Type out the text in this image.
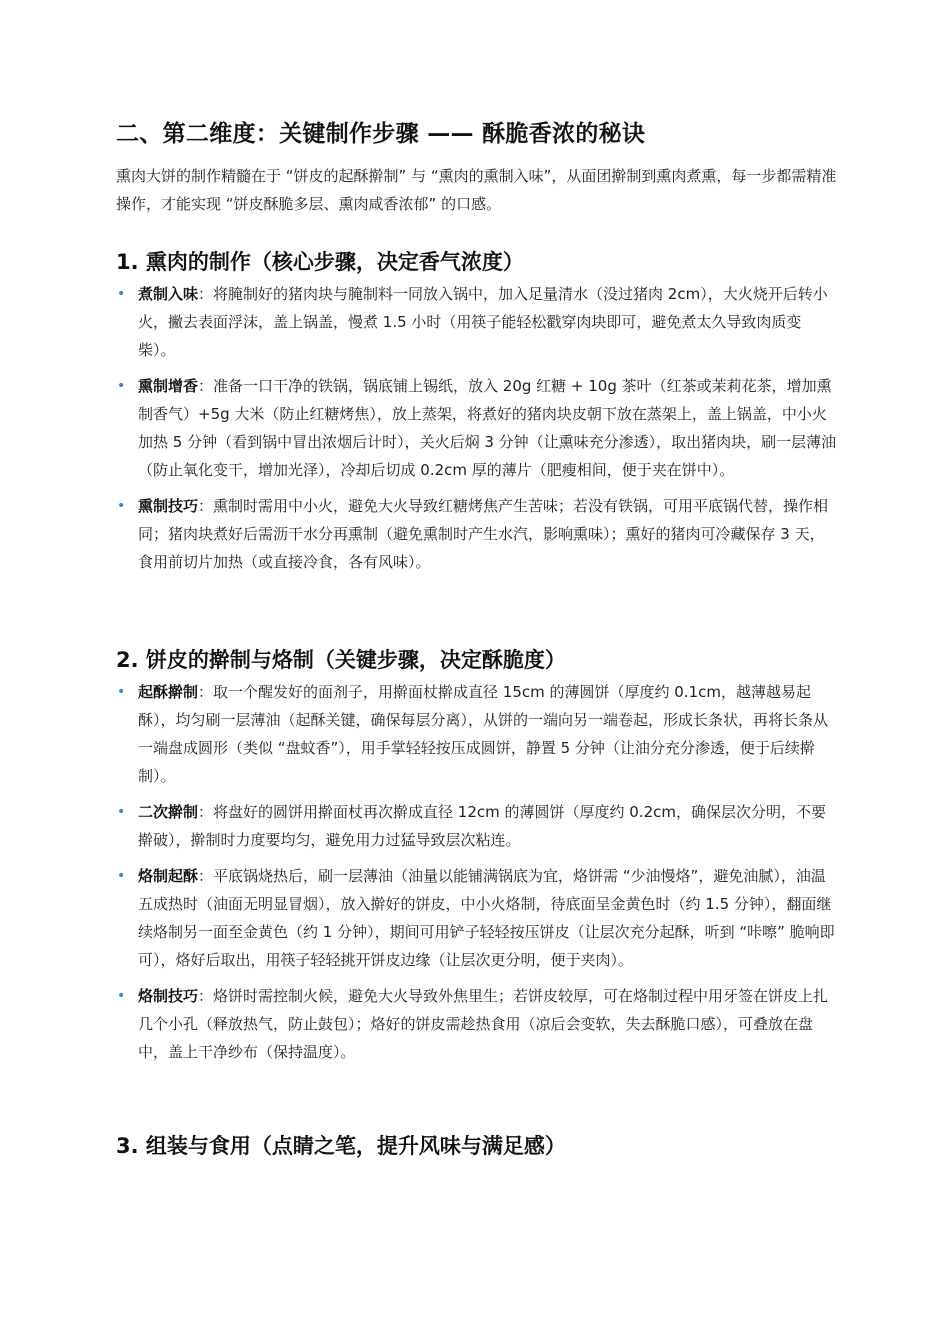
二、第二维度：关键制作步骤 —— 酥脆香浓的秘诀

熏肉大饼的制作精髓在于 “饼皮的起酥擀制” 与 “熏肉的熏制入味”，从面团擀制到熏肉煮熏，每一步都需精准操作，才能实现 “饼皮酥脆多层、熏肉咸香浓郁” 的口感。

1. 熏肉的制作（核心步骤，决定香气浓度）
• 煮制入味：将腌制好的猪肉块与腌制料一同放入锅中，加入足量清水（没过猪肉 2cm），大火烧开后转小火，撇去表面浮沫，盖上锅盖，慢煮 1.5 小时（用筷子能轻松戳穿肉块即可，避免煮太久导致肉质变柴）。
• 熏制增香：准备一口干净的铁锅，锅底铺上锡纸，放入 20g 红糖 + 10g 茶叶（红茶或茉莉花茶，增加熏制香气）+5g 大米（防止红糖烤焦），放上蒸架，将煮好的猪肉块皮朝下放在蒸架上，盖上锅盖，中小火加热 5 分钟（看到锅中冒出浓烟后计时），关火后焖 3 分钟（让熏味充分渗透），取出猪肉块，刷一层薄油（防止氧化变干，增加光泽），冷却后切成 0.2cm 厚的薄片（肥瘦相间，便于夹在饼中）。
• 熏制技巧：熏制时需用中小火，避免大火导致红糖烤焦产生苦味；若没有铁锅，可用平底锅代替，操作相同；猪肉块煮好后需沥干水分再熏制（避免熏制时产生水汽，影响熏味）；熏好的猪肉可冷藏保存 3 天，食用前切片加热（或直接冷食，各有风味）。
2. 饼皮的擀制与烙制（关键步骤，决定酥脆度）
• 起酥擀制：取一个醒发好的面剂子，用擀面杖擀成直径 15cm 的薄圆饼（厚度约 0.1cm，越薄越易起酥），均匀刷一层薄油（起酥关键，确保每层分离），从饼的一端向另一端卷起，形成长条状，再将长条从一端盘成圆形（类似 “盘蚊香”），用手掌轻轻按压成圆饼，静置 5 分钟（让油分充分渗透，便于后续擀制）。
• 二次擀制：将盘好的圆饼用擀面杖再次擀成直径 12cm 的薄圆饼（厚度约 0.2cm，确保层次分明，不要擀破），擀制时力度要均匀，避免用力过猛导致层次粘连。
• 烙制起酥：平底锅烧热后，刷一层薄油（油量以能铺满锅底为宜，烙饼需 “少油慢烙”，避免油腻），油温五成热时（油面无明显冒烟），放入擀好的饼皮，中小火烙制，待底面呈金黄色时（约 1.5 分钟），翻面继续烙制另一面至金黄色（约 1 分钟），期间可用铲子轻轻按压饼皮（让层次充分起酥，听到 “咔嚓” 脆响即可），烙好后取出，用筷子轻轻挑开饼皮边缘（让层次更分明，便于夹肉）。
• 烙制技巧：烙饼时需控制火候，避免大火导致外焦里生；若饼皮较厚，可在烙制过程中用牙签在饼皮上扎几个小孔（释放热气，防止鼓包）；烙好的饼皮需趁热食用（凉后会变软，失去酥脆口感），可叠放在盘中，盖上干净纱布（保持温度）。
3. 组装与食用（点睛之笔，提升风味与满足感）
